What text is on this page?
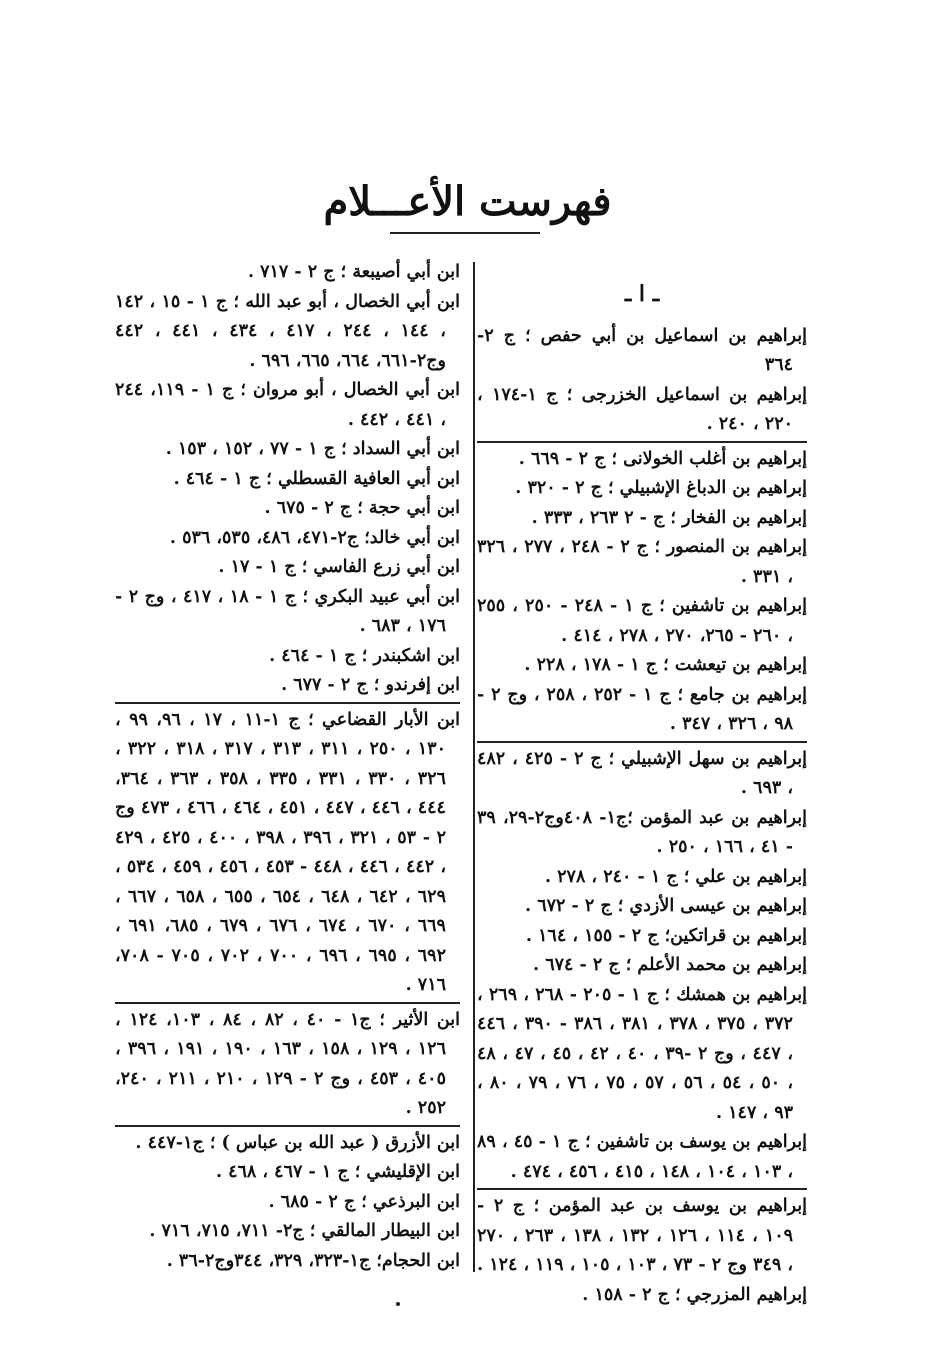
فهرست الأعـــلام
ـ ا ـ
إبراهيم بن اسماعيل بن أبي حفص ؛ ج ٢- ٣٦٤
إبراهيم بن اسماعيل الخزرجى ؛ ج ١-١٧٤ ، ٢٢٠ ، ٢٤٠ .
إبراهيم بن أغلب الخولانى ؛ ج ٢ - ٦٦٩ .
إبراهيم بن الدباغ الإشبيلي ؛ ج ٢ - ٣٢٠ .
إبراهيم بن الفخار ؛ ج - ٢ ٢٦٣ ، ٣٣٣ .
إبراهيم بن المنصور ؛ ج ٢ - ٢٤٨ ، ٢٧٧ ، ٣٢٦ ، ٣٣١ .
إبراهيم بن تاشفين ؛ ج ١ - ٢٤٨ - ٢٥٠ ، ٢٥٥ ، ٢٦٠ - ٢٦٥، ٢٧٠ ، ٢٧٨ ، ٤١٤ .
إبراهيم بن تيعشت ؛ ج ١ - ١٧٨ ، ٢٢٨ .
إبراهيم بن جامع ؛ ج ١ - ٢٥٢ ، ٢٥٨ ، وج ٢ - ٩٨ ، ٣٢٦ ، ٣٤٧ .
إبراهيم بن سهل الإشبيلي ؛ ج ٢ - ٤٢٥ ، ٤٨٢ ، ٦٩٣ .
إبراهيم بن عبد المؤمن ؛ج١- ٤٠٨وج٢-٢٩، ٣٩ - ٤١ ، ١٦٦ ، ٢٥٠ .
إبراهيم بن علي ؛ ج ١ - ٢٤٠ ، ٢٧٨ .
إبراهيم بن عيسى الأزدي ؛ ج ٢ - ٦٧٢ .
إبراهيم بن قراتكين؛ ج ٢ - ١٥٥ ، ١٦٤ .
إبراهيم بن محمد الأعلم ؛ ج ٢ - ٦٧٤ .
إبراهيم بن همشك ؛ ج ١ - ٢٠٥ - ٢٦٨ ، ٢٦٩ ، ٣٧٢ ، ٣٧٥ ، ٣٧٨ ، ٣٨١ ، ٣٨٦ - ٣٩٠ ، ٤٤٦ ، ٤٤٧ ، وج ٢ -٣٩ ، ٤٠ ، ٤٢ ، ٤٥ ، ٤٧ ، ٤٨ ، ٥٠ ، ٥٤ ، ٥٦ ، ٥٧ ، ٧٥ ، ٧٦ ، ٧٩ ، ٨٠ ، ٩٣ ، ١٤٧ .
إبراهيم بن يوسف بن تاشفين ؛ ج ١ - ٤٥ ، ٨٩ ، ١٠٣ ، ١٠٤ ، ١٤٨ ، ٤١٥ ، ٤٥٦ ، ٤٧٤ .
إبراهيم بن يوسف بن عبد المؤمن ؛ ج ٢ - ١٠٩ ، ١١٤ ، ١٢٦ ، ١٣٢ ، ١٣٨ ، ٢٦٣ ، ٢٧٠ ، ٣٤٩ وج ٢ - ٧٣ ، ١٠٣ ، ١٠٥ ، ١١٩ ، ١٢٤ .
إبراهيم المزرجي ؛ ج ٢ - ١٥٨ .
ابن أبي أصيبعة ؛ ج ٢ - ٧١٧ .
ابن أبي الخصال ، أبو عبد الله ؛ ج ١ - ١٥ ، ١٤٢ ، ١٤٤ ، ٢٤٤ ، ٤١٧ ، ٤٣٤ ، ٤٤١ ، ٤٤٢ وج٢-٦٦١، ٦٦٤، ٦٦٥، ٦٩٦ .
ابن أبي الخصال ، أبو مروان ؛ ج ١ - ١١٩، ٢٤٤ ، ٤٤١ ، ٤٤٢ .
ابن أبي السداد ؛ ج ١ - ٧٧ ، ١٥٢ ، ١٥٣ .
ابن أبي العافية القسطلي ؛ ج ١ - ٤٦٤ .
ابن أبي حجة ؛ ج ٢ - ٦٧٥ .
ابن أبي خالد؛ ج٢-٤٧١، ٤٨٦، ٥٣٥، ٥٣٦ .
ابن أبي زرع الفاسي ؛ ج ١ - ١٧ .
ابن أبي عبيد البكري ؛ ج ١ - ١٨ ، ٤١٧ ، وج ٢ - ١٧٦ ، ٦٨٣ .
ابن اشكبندر ؛ ج ١ - ٤٦٤ .
ابن إفرندو ؛ ج ٢ - ٦٧٧ .
ابن الأبار القضاعي ؛ ج ١-١١ ، ١٧ ، ٩٦، ٩٩ ، ١٣٠ ، ٢٥٠ ، ٣١١ ، ٣١٣ ، ٣١٧ ، ٣١٨ ، ٣٢٢ ، ٣٢٦ ، ٣٣٠ ، ٣٣١ ، ٣٣٥ ، ٣٥٨ ، ٣٦٣ ، ٣٦٤، ٤٤٤ ، ٤٤٦ ، ٤٤٧ ، ٤٥١ ، ٤٦٤ ، ٤٦٦ ، ٤٧٣ وج ٢ - ٥٣ ، ٣٢١ ، ٣٩٦ ، ٣٩٨ ، ٤٠٠ ، ٤٢٥ ، ٤٢٩ ، ٤٤٢ ، ٤٤٦ ، ٤٤٨ - ٤٥٣ ، ٤٥٦ ، ٤٥٩ ، ٥٣٤ ، ٦٢٩ ، ٦٤٢ ، ٦٤٨ ، ٦٥٤ ، ٦٥٥ ، ٦٥٨ ، ٦٦٧ ، ٦٦٩ ، ٦٧٠ ، ٦٧٤ ، ٦٧٦ ، ٦٧٩ ، ٦٨٥، ٦٩١ ، ٦٩٢ ، ٦٩٥ ، ٦٩٦ ، ٧٠٠ ، ٧٠٢ ، ٧٠٥ - ٧٠٨، ٧١٦ .
ابن الأثير ؛ ج١ - ٤٠ ، ٨٢ ، ٨٤ ، ١٠٣، ١٢٤ ، ١٢٦ ، ١٢٩ ، ١٥٨ ، ١٦٣ ، ١٩٠ ، ١٩١ ، ٣٩٦ ، ٤٠٥ ، ٤٥٣ ، وج ٢ - ١٢٩ ، ٢١٠ ، ٢١١ ، ٢٤٠، ٢٥٢ .
ابن الأزرق ( عبد الله بن عباس ) ؛ ج١-٤٤٧ .
ابن الإقليشي ؛ ج ١ - ٤٦٧ ، ٤٦٨ .
ابن البرذعي ؛ ج ٢ - ٦٨٥ .
ابن البيطار المالقي ؛ ج٢- ٧١١، ٧١٥، ٧١٦ .
ابن الحجام؛ ج١-٣٢٣، ٣٢٩، ٣٤٤وج٢-٣٦ .
